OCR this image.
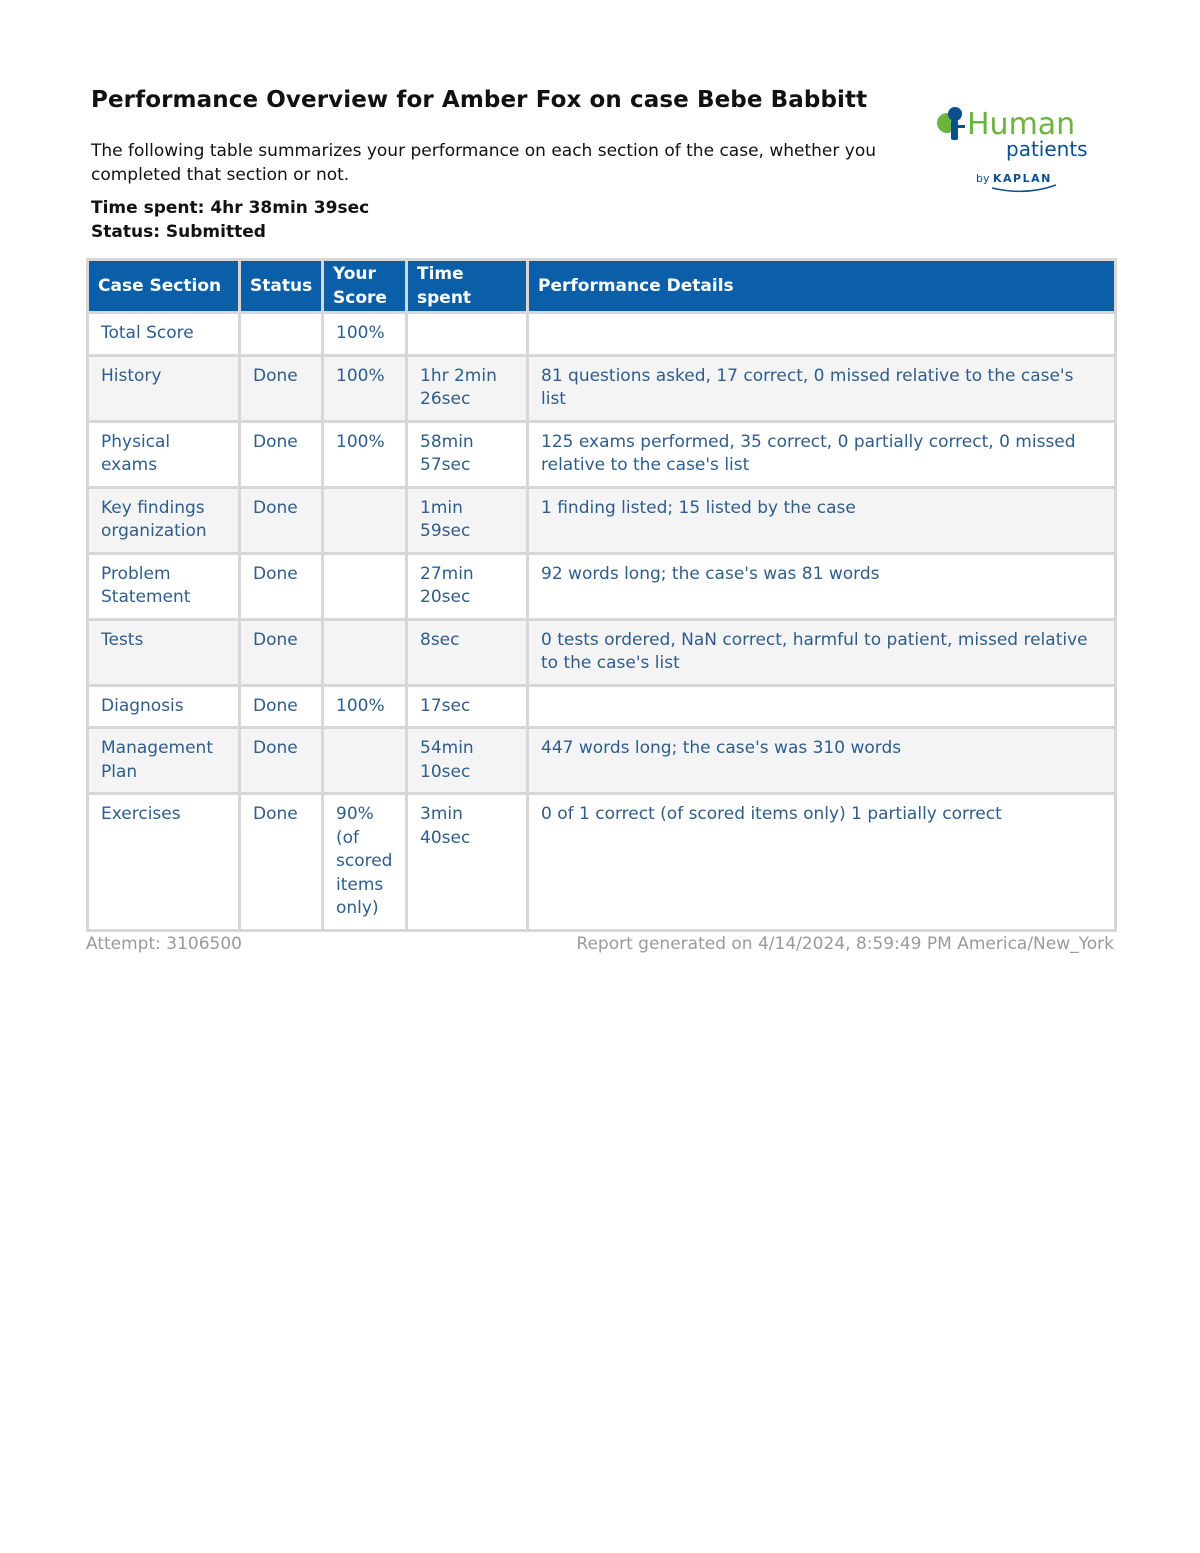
Performance Overview for Amber Fox on case Bebe Babbitt
The following table summarizes your performance on each section of the case, whether you completed that section or not.
Time spent: 4hr 38min 39sec
Status: Submitted
Human
patients
by KAPLAN
Case Section	Status	Your Score	Time spent	Performance Details
Total Score		100%		
History	Done	100%	1hr 2min 26sec	81 questions asked, 17 correct, 0 missed relative to the case's list
Physical exams	Done	100%	58min 57sec	125 exams performed, 35 correct, 0 partially correct, 0 missed relative to the case's list
Key findings organization	Done		1min 59sec	1 finding listed; 15 listed by the case
Problem Statement	Done		27min 20sec	92 words long; the case's was 81 words
Tests	Done		8sec	0 tests ordered, NaN correct, harmful to patient, missed relative to the case's list
Diagnosis	Done	100%	17sec	
Management Plan	Done		54min 10sec	447 words long; the case's was 310 words
Exercises	Done	90% (of scored items only)	3min 40sec	0 of 1 correct (of scored items only) 1 partially correct
Attempt: 3106500	Report generated on 4/14/2024, 8:59:49 PM America/New_York
